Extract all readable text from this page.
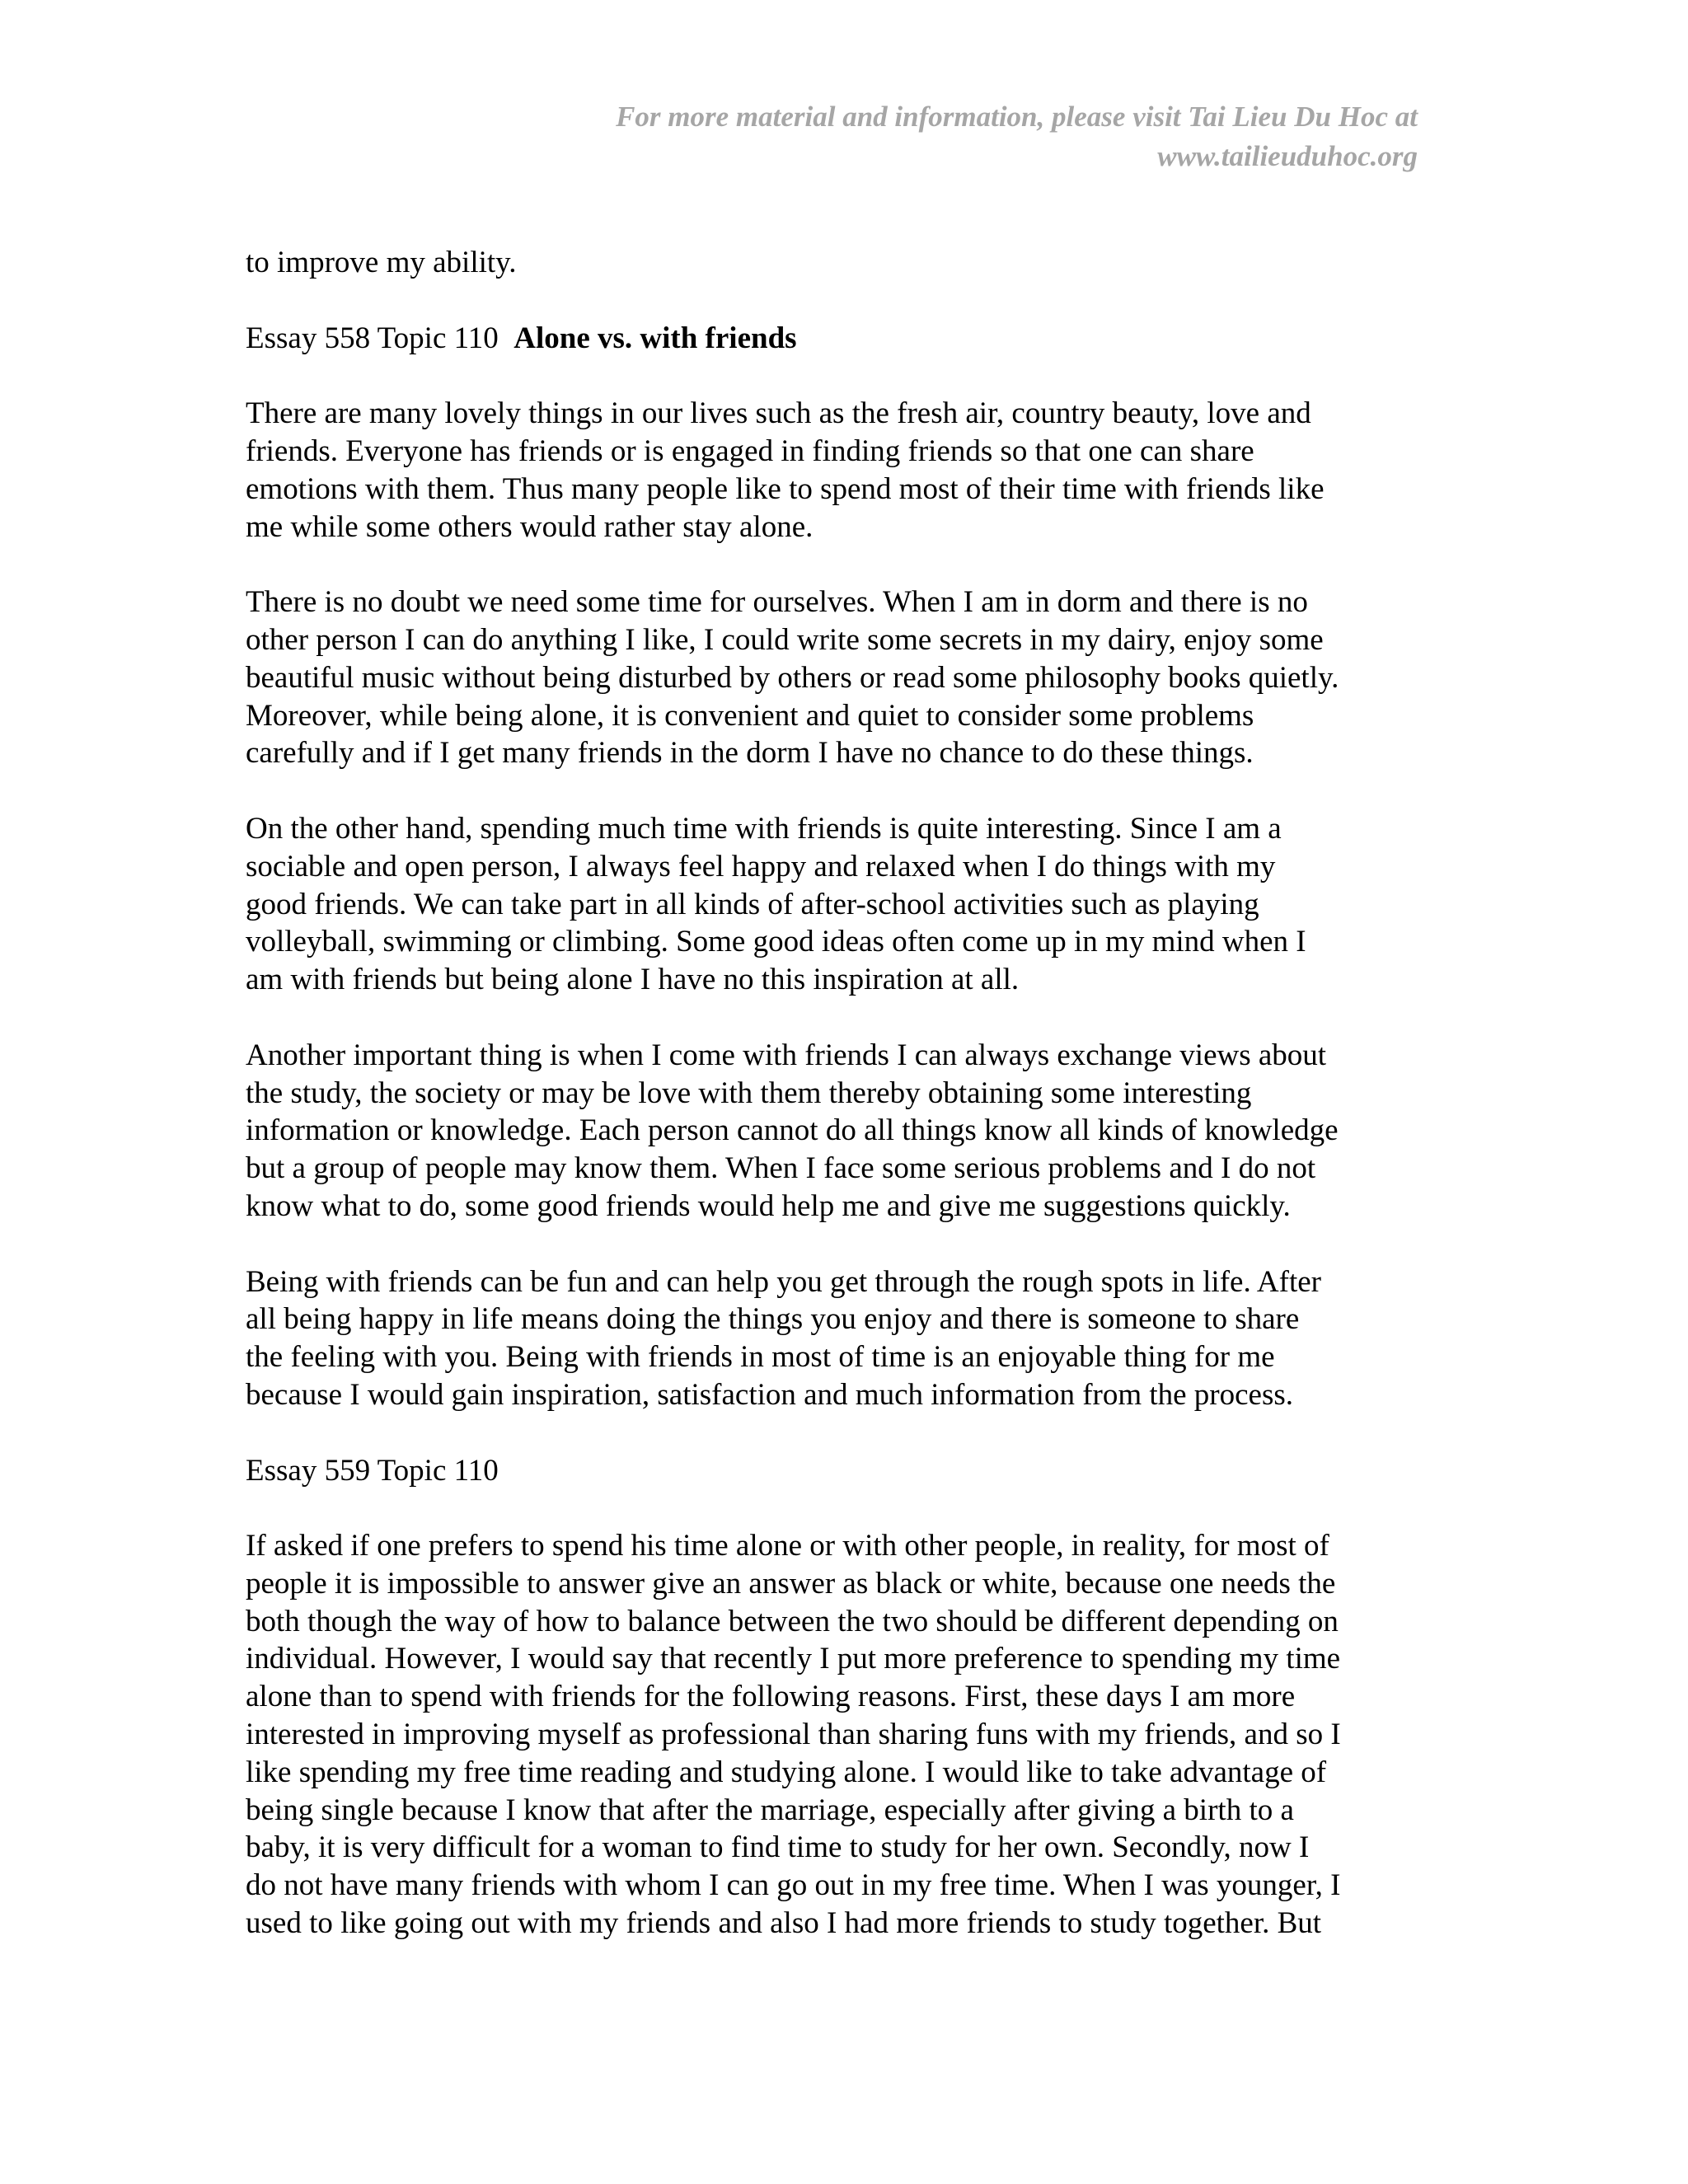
For more material and information, please visit Tai Lieu Du Hoc at
www.tailieuduhoc.org

to improve my ability.

Essay 558 Topic 110  Alone vs. with friends

There are many lovely things in our lives such as the fresh air, country beauty, love and
friends. Everyone has friends or is engaged in finding friends so that one can share
emotions with them. Thus many people like to spend most of their time with friends like
me while some others would rather stay alone.

There is no doubt we need some time for ourselves. When I am in dorm and there is no
other person I can do anything I like, I could write some secrets in my dairy, enjoy some
beautiful music without being disturbed by others or read some philosophy books quietly.
Moreover, while being alone, it is convenient and quiet to consider some problems
carefully and if I get many friends in the dorm I have no chance to do these things.

On the other hand, spending much time with friends is quite interesting. Since I am a
sociable and open person, I always feel happy and relaxed when I do things with my
good friends. We can take part in all kinds of after-school activities such as playing
volleyball, swimming or climbing. Some good ideas often come up in my mind when I
am with friends but being alone I have no this inspiration at all.

Another important thing is when I come with friends I can always exchange views about
the study, the society or may be love with them thereby obtaining some interesting
information or knowledge. Each person cannot do all things know all kinds of knowledge
but a group of people may know them. When I face some serious problems and I do not
know what to do, some good friends would help me and give me suggestions quickly.

Being with friends can be fun and can help you get through the rough spots in life. After
all being happy in life means doing the things you enjoy and there is someone to share
the feeling with you. Being with friends in most of time is an enjoyable thing for me
because I would gain inspiration, satisfaction and much information from the process.

Essay 559 Topic 110

If asked if one prefers to spend his time alone or with other people, in reality, for most of
people it is impossible to answer give an answer as black or white, because one needs the
both though the way of how to balance between the two should be different depending on
individual. However, I would say that recently I put more preference to spending my time
alone than to spend with friends for the following reasons. First, these days I am more
interested in improving myself as professional than sharing funs with my friends, and so I
like spending my free time reading and studying alone. I would like to take advantage of
being single because I know that after the marriage, especially after giving a birth to a
baby, it is very difficult for a woman to find time to study for her own. Secondly, now I
do not have many friends with whom I can go out in my free time. When I was younger, I
used to like going out with my friends and also I had more friends to study together. But
